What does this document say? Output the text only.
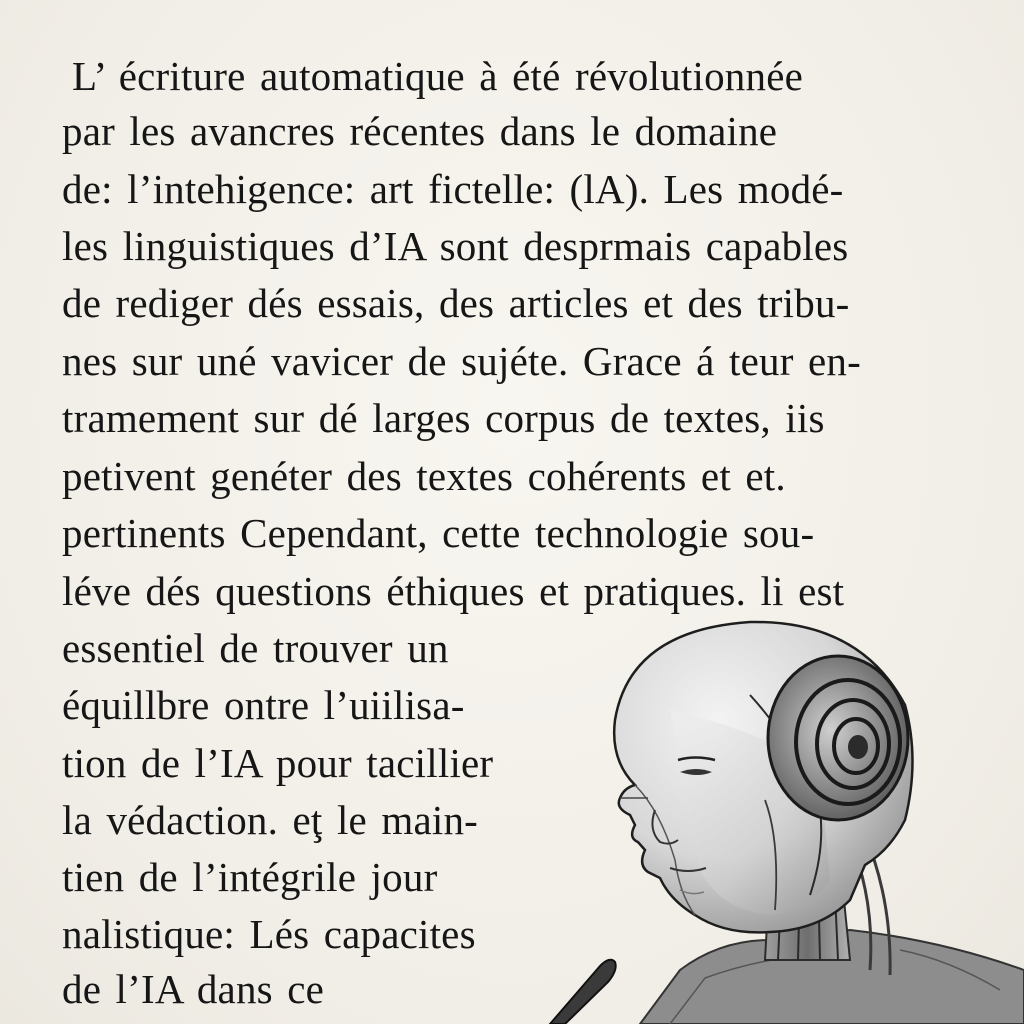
L’ écriture automatique à été révolutionnée
par les avancres récentes dans le domaine
de: l’intehigence: art fictelle: (lA). Les modé-
les linguistiques d’IA sont desprmais capables
de rediger dés essais, des articles et des tribu-
nes sur uné vavicer de sujéte. Grace á teur en-
tramement sur dé larges corpus de textes, iis
petivent genéter des textes cohérents et et.
pertinents Cependant, cette technologie sou-
léve dés questions éthiques et pratiques. li est
essentiel de trouver un
équillbre ontre l’uiilisa-
tion de l’IA pour tacillier
la védaction. eţ le main-
tien de l’intégrile jour
nalistique: Lés capacites
de l’IA dans ce
